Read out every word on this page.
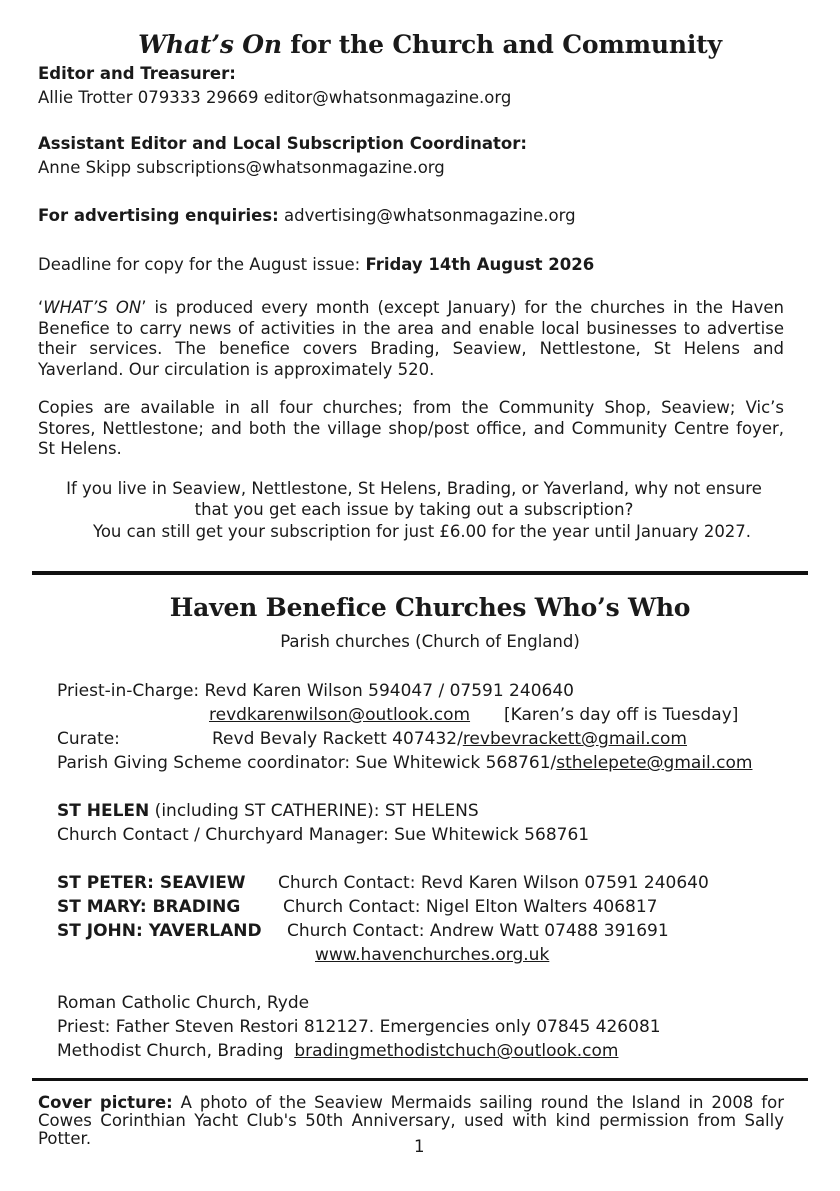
What’s On for the Church and Community
Editor and Treasurer:
Allie Trotter 079333 29669 editor@whatsonmagazine.org
Assistant Editor and Local Subscription Coordinator:
Anne Skipp subscriptions@whatsonmagazine.org
For advertising enquiries: advertising@whatsonmagazine.org
Deadline for copy for the August issue: Friday 14th August 2026
‘WHAT’S ON’ is produced every month (except January) for the churches in the Haven Benefice to carry news of activities in the area and enable local businesses to advertise their services. The benefice covers Brading, Seaview, Nettlestone, St Helens and Yaverland. Our circulation is approximately 520.
Copies are available in all four churches; from the Community Shop, Seaview; Vic’s Stores, Nettlestone; and both the village shop/post office, and Community Centre foyer, St Helens.
If you live in Seaview, Nettlestone, St Helens, Brading, or Yaverland, why not ensure
that you get each issue by taking out a subscription?
You can still get your subscription for just £6.00 for the year until January 2027.
Haven Benefice Churches Who’s Who
Parish churches (Church of England)
Priest-in-Charge: Revd Karen Wilson 594047 / 07591 240640
revdkarenwilson@outlook.com [Karen’s day off is Tuesday]
Curate:	Revd Bevaly Rackett 407432/revbevrackett@gmail.com
Parish Giving Scheme coordinator: Sue Whitewick 568761/sthelepete@gmail.com
ST HELEN (including ST CATHERINE): ST HELENS
Church Contact / Churchyard Manager: Sue Whitewick 568761
ST PETER: SEAVIEW Church Contact: Revd Karen Wilson 07591 240640
ST MARY: BRADING	Church Contact: Nigel Elton Walters 406817
ST JOHN: YAVERLAND Church Contact: Andrew Watt 07488 391691
www.havenchurches.org.uk
Roman Catholic Church, Ryde
Priest: Father Steven Restori 812127. Emergencies only 07845 426081
Methodist Church, Brading  bradingmethodistchuch@outlook.com
Cover picture: A photo of the Seaview Mermaids sailing round the Island in 2008 for Cowes Corinthian Yacht Club's 50th Anniversary, used with kind permission from Sally Potter.	1
